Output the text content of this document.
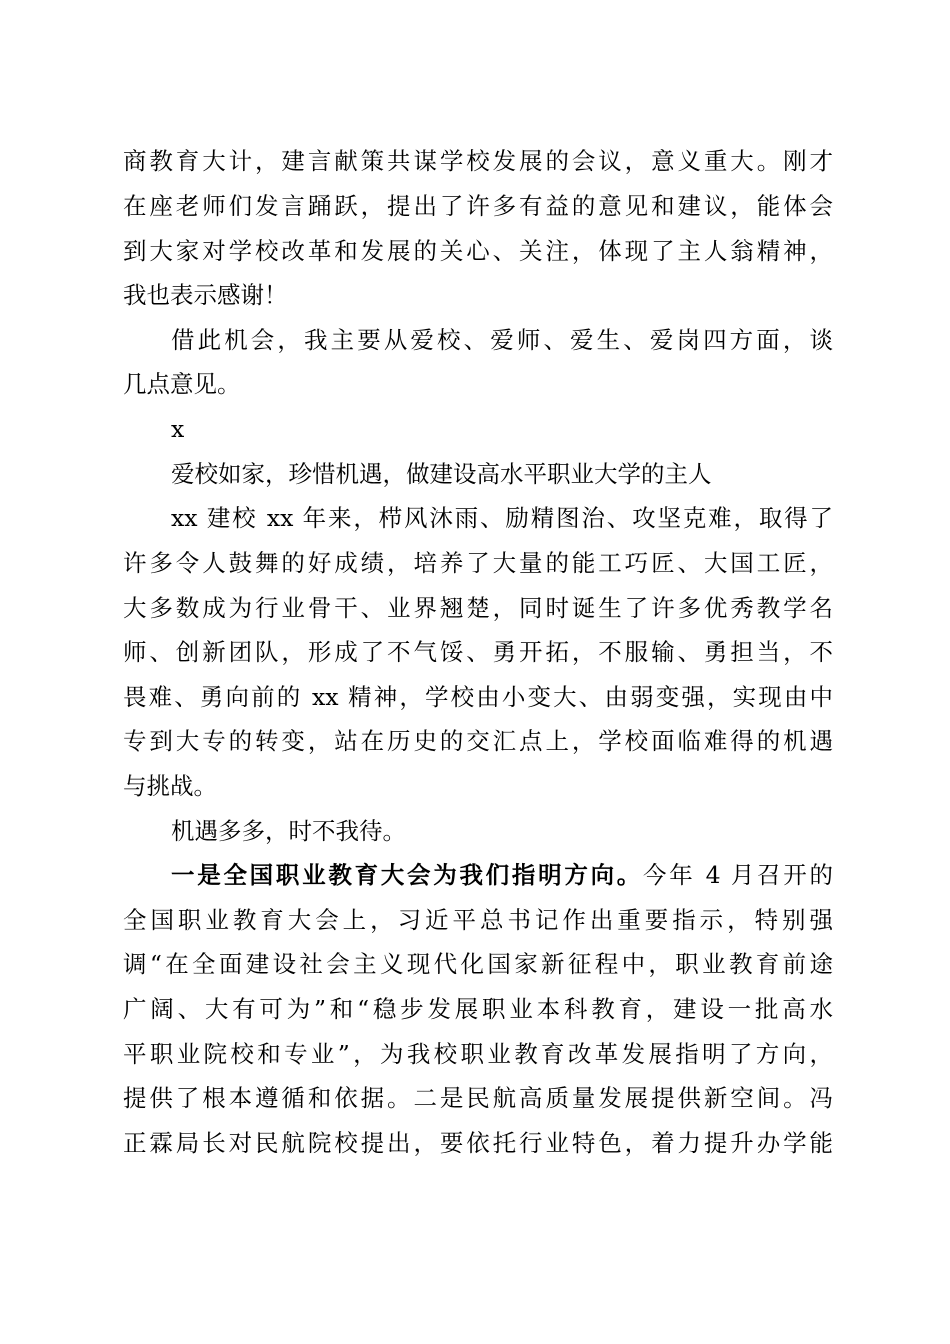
商教育大计，建言献策共谋学校发展的会议，意义重大。刚才
在座老师们发言踊跃，提出了许多有益的意见和建议，能体会
到大家对学校改革和发展的关心、关注，体现了主人翁精神，
我也表示感谢！
借此机会，我主要从爱校、爱师、爱生、爱岗四方面，谈
几点意见。
x
爱校如家，珍惜机遇，做建设高水平职业大学的主人
xx 建校 xx 年来，栉风沐雨、励精图治、攻坚克难，取得了
许多令人鼓舞的好成绩，培养了大量的能工巧匠、大国工匠，
大多数成为行业骨干、业界翘楚，同时诞生了许多优秀教学名
师、创新团队，形成了不气馁、勇开拓，不服输、勇担当，不
畏难、勇向前的 xx 精神，学校由小变大、由弱变强，实现由中
专到大专的转变，站在历史的交汇点上，学校面临难得的机遇
与挑战。
机遇多多，时不我待。
一是全国职业教育大会为我们指明方向。今年 4 月召开的
全国职业教育大会上，习近平总书记作出重要指示，特别强
调“在全面建设社会主义现代化国家新征程中，职业教育前途
广阔、大有可为”和“稳步发展职业本科教育，建设一批高水
平职业院校和专业”，为我校职业教育改革发展指明了方向，
提供了根本遵循和依据。二是民航高质量发展提供新空间。冯
正霖局长对民航院校提出，要依托行业特色，着力提升办学能
